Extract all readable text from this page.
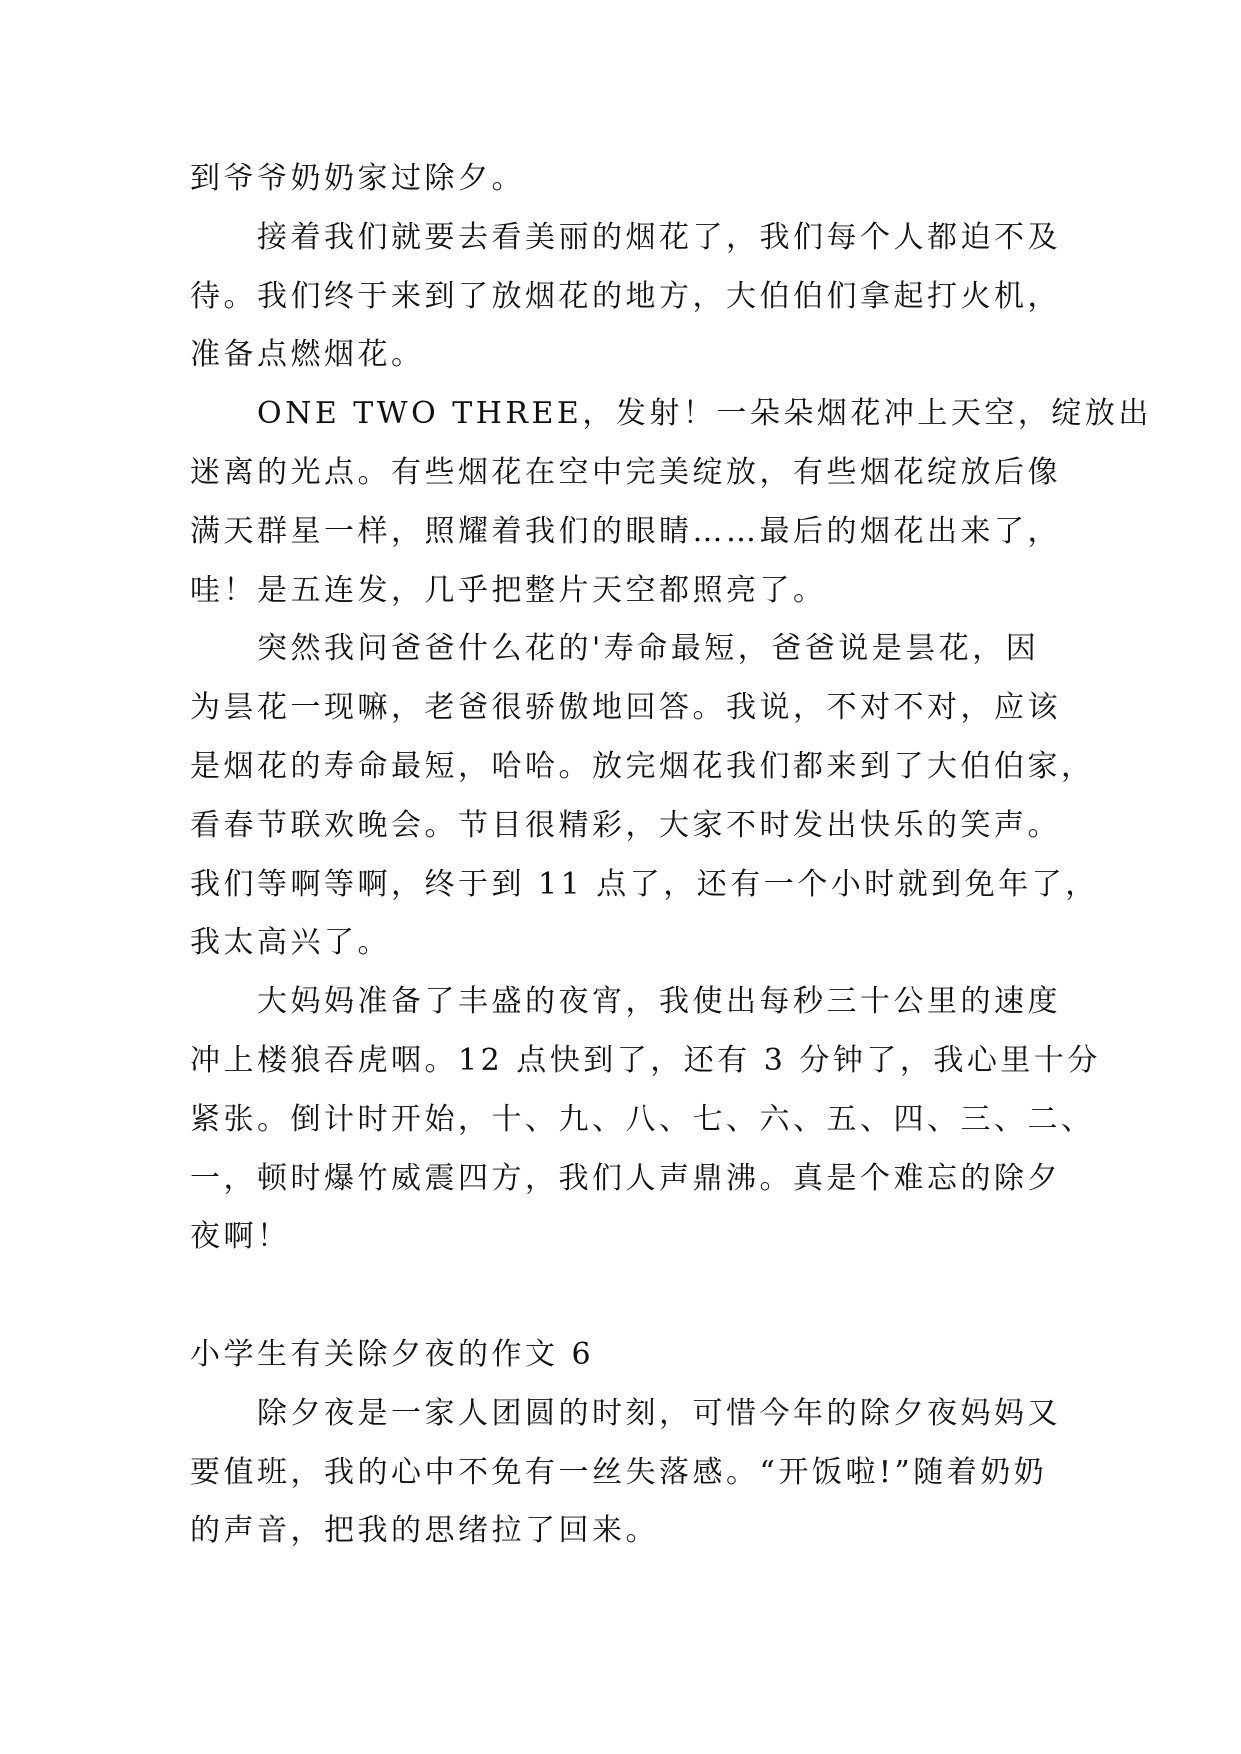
到爷爷奶奶家过除夕。
接着我们就要去看美丽的烟花了，我们每个人都迫不及
待。我们终于来到了放烟花的地方，大伯伯们拿起打火机，
准备点燃烟花。
ONE TWO THREE，发射！一朵朵烟花冲上天空，绽放出
迷离的光点。有些烟花在空中完美绽放，有些烟花绽放后像
满天群星一样，照耀着我们的眼睛……最后的烟花出来了，
哇！是五连发，几乎把整片天空都照亮了。
突然我问爸爸什么花的'寿命最短，爸爸说是昙花，因
为昙花一现嘛，老爸很骄傲地回答。我说，不对不对，应该
是烟花的寿命最短，哈哈。放完烟花我们都来到了大伯伯家，
看春节联欢晚会。节目很精彩，大家不时发出快乐的笑声。
我们等啊等啊，终于到 11 点了，还有一个小时就到免年了，
我太高兴了。
大妈妈准备了丰盛的夜宵，我使出每秒三十公里的速度
冲上楼狼吞虎咽。12 点快到了，还有 3 分钟了，我心里十分
紧张。倒计时开始，十、九、八、七、六、五、四、三、二、
一，顿时爆竹威震四方，我们人声鼎沸。真是个难忘的除夕
夜啊！
小学生有关除夕夜的作文 6
除夕夜是一家人团圆的时刻，可惜今年的除夕夜妈妈又
要值班，我的心中不免有一丝失落感。“开饭啦!”随着奶奶
的声音，把我的思绪拉了回来。
